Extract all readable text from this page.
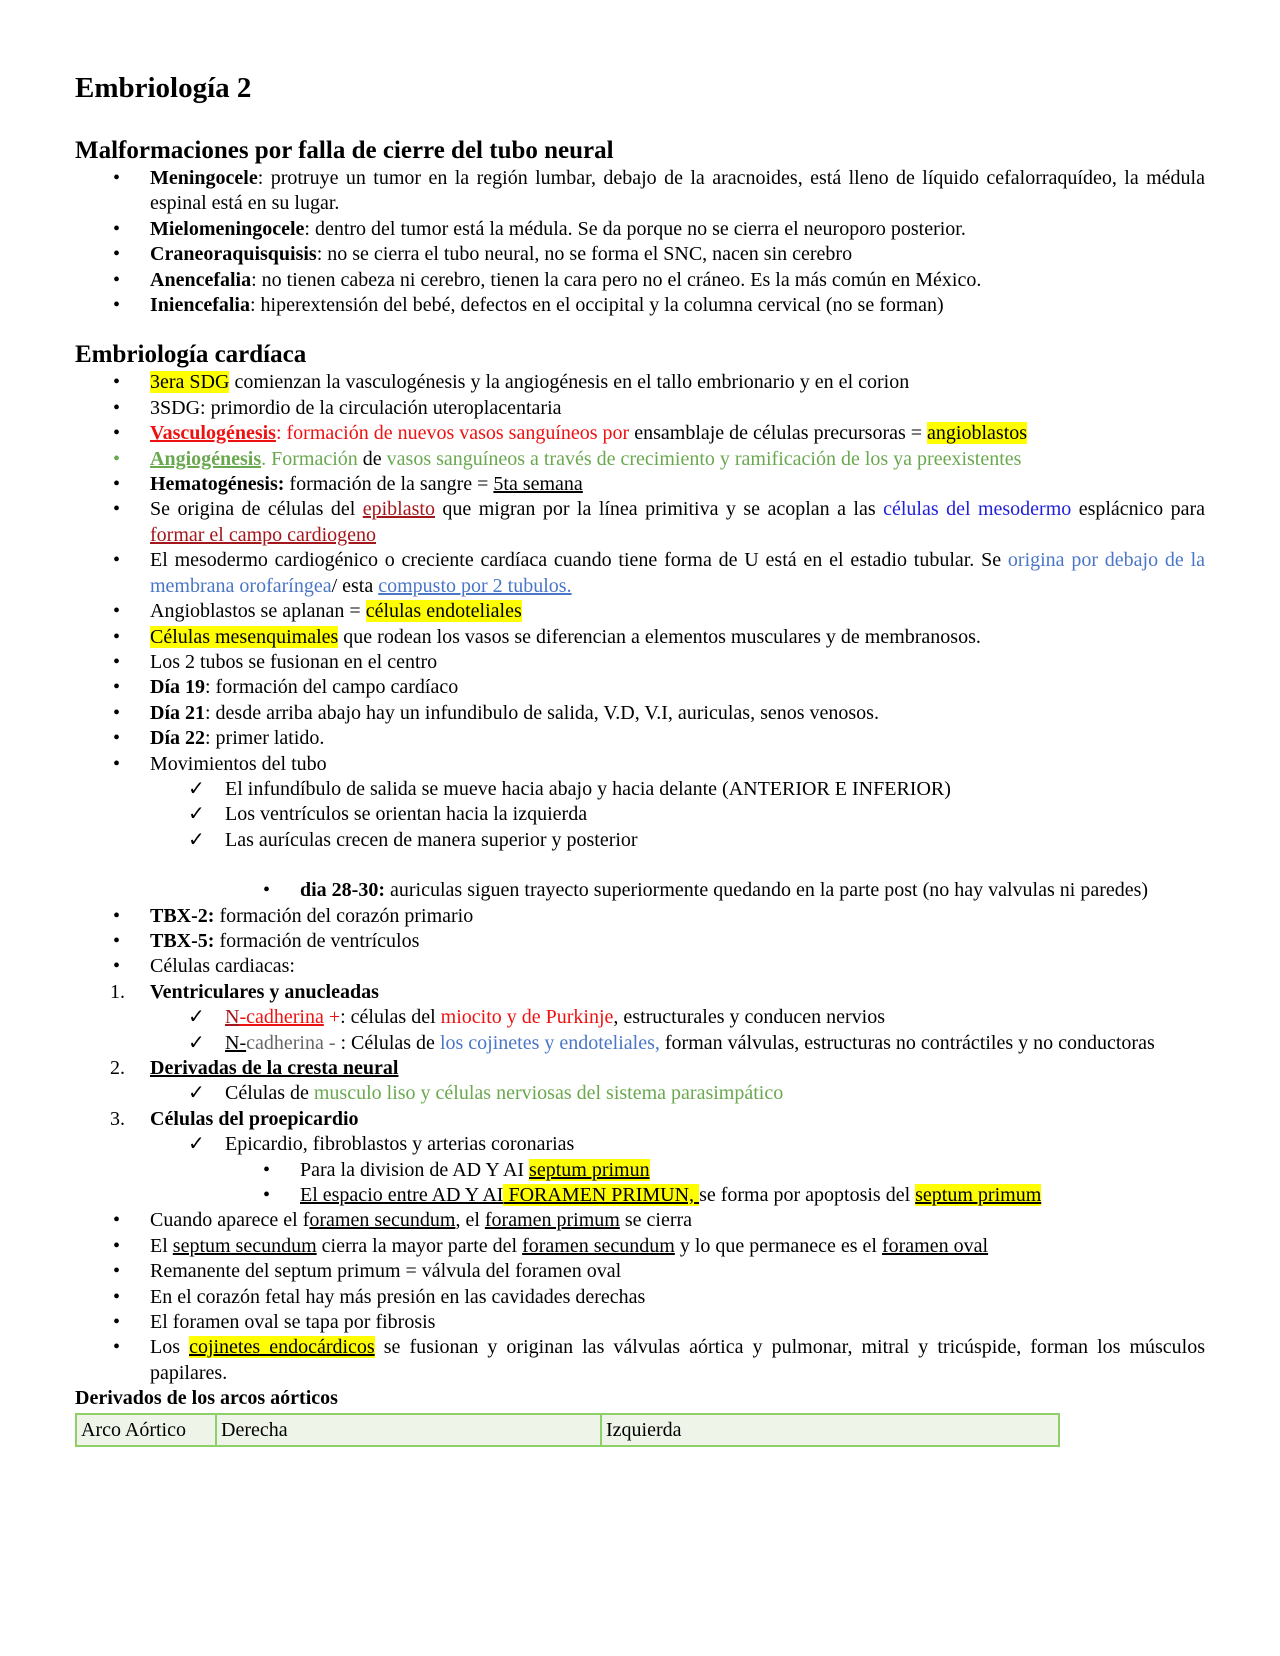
Embriología 2
Malformaciones por falla de cierre del tubo neural
• Meningocele: protruye un tumor en la región lumbar, debajo de la aracnoides, está lleno de líquido cefalorraquídeo, la médula espinal está en su lugar.
• Mielomeningocele: dentro del tumor está la médula. Se da porque no se cierra el neuroporo posterior.
• Craneoraquisquisis: no se cierra el tubo neural, no se forma el SNC, nacen sin cerebro
• Anencefalia: no tienen cabeza ni cerebro, tienen la cara pero no el cráneo. Es la más común en México.
• Iniencefalia: hiperextensión del bebé, defectos en el occipital y la columna cervical (no se forman)
Embriología cardíaca
• 3era SDG comienzan la vasculogénesis y la angiogénesis en el tallo embrionario y en el corion
• 3SDG: primordio de la circulación uteroplacentaria
• Vasculogénesis: formación de nuevos vasos sanguíneos por ensamblaje de células precursoras = angioblastos
• Angiogénesis. Formación de vasos sanguíneos a través de crecimiento y ramificación de los ya preexistentes
• Hematogénesis: formación de la sangre = 5ta semana
• Se origina de células del epiblasto que migran por la línea primitiva y se acoplan a las células del mesodermo esplácnico para formar el campo cardiogeno
• El mesodermo cardiogénico o creciente cardíaca cuando tiene forma de U está en el estadio tubular. Se origina por debajo de la membrana orofaríngea/ esta compusto por 2 tubulos.
• Angioblastos se aplanan = células endoteliales
• Células mesenquimales que rodean los vasos se diferencian a elementos musculares y de membranosos.
• Los 2 tubos se fusionan en el centro
• Día 19: formación del campo cardíaco
• Día 21: desde arriba abajo hay un infundibulo de salida, V.D, V.I, auriculas, senos venosos.
• Día 22: primer latido.
• Movimientos del tubo
✓ El infundíbulo de salida se mueve hacia abajo y hacia delante (ANTERIOR E INFERIOR)
✓ Los ventrículos se orientan hacia la izquierda
✓ Las aurículas crecen de manera superior y posterior
• dia 28-30: auriculas siguen trayecto superiormente quedando en la parte post (no hay valvulas ni paredes)
• TBX-2: formación del corazón primario
• TBX-5: formación de ventrículos
• Células cardiacas:
1. Ventriculares y anucleadas
✓ N-cadherina +: células del miocito y de Purkinje, estructurales y conducen nervios
✓ N-cadherina - : Células de los cojinetes y endoteliales, forman válvulas, estructuras no contráctiles y no conductoras
2. Derivadas de la cresta neural
✓ Células de musculo liso y células nerviosas del sistema parasimpático
3. Células del proepicardio
✓ Epicardio, fibroblastos y arterias coronarias
• Para la division de AD Y AI septum primun
• El espacio entre AD Y AI FORAMEN PRIMUN, se forma por apoptosis del septum primum
• Cuando aparece el foramen secundum, el foramen primum se cierra
• El septum secundum cierra la mayor parte del foramen secundum y lo que permanece es el foramen oval
• Remanente del septum primum = válvula del foramen oval
• En el corazón fetal hay más presión en las cavidades derechas
• El foramen oval se tapa por fibrosis
• Los cojinetes endocárdicos se fusionan y originan las válvulas aórtica y pulmonar, mitral y tricúspide, forman los músculos papilares.
Derivados de los arcos aórticos
Arco Aórtico	Derecha	Izquierda
